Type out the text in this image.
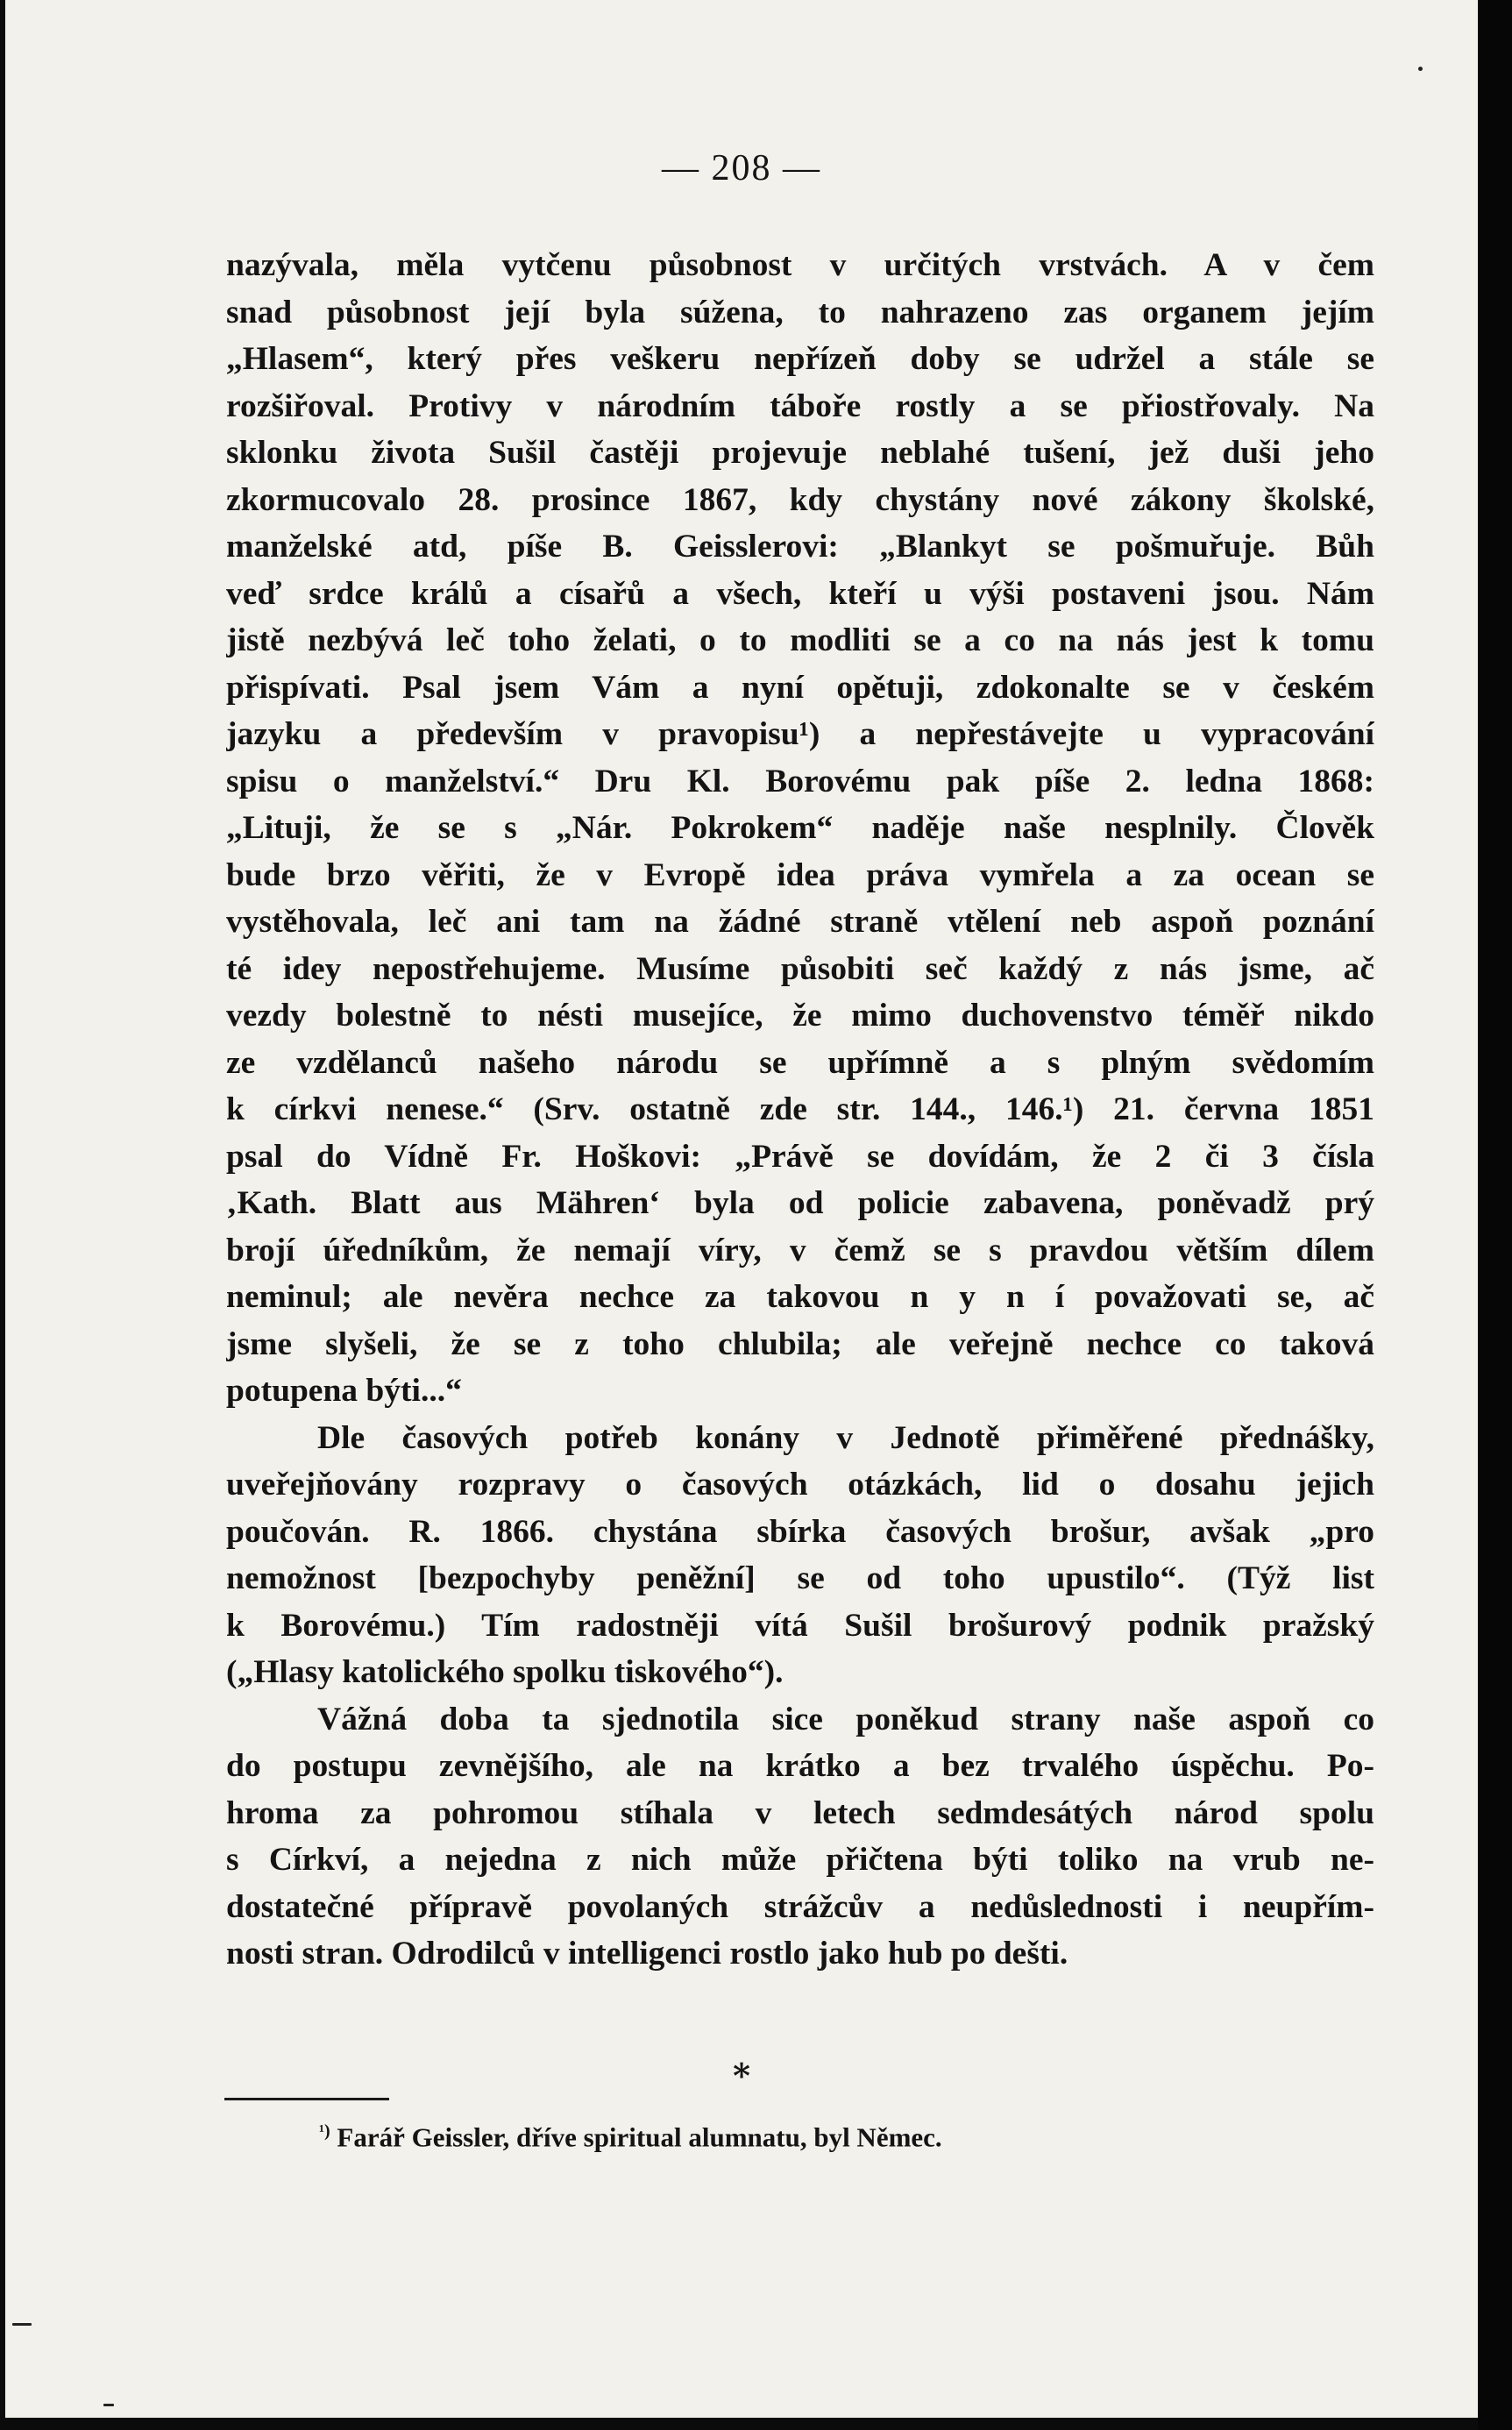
— 208 —
nazývala, měla vytčenu působnost v určitých vrstvách. A v čem
snad působnost její byla súžena, to nahrazeno zas organem jejím
„Hlasem“, který přes veškeru nepřízeň doby se udržel a stále se
rozšiřoval. Protivy v národním táboře rostly a se přiostřovaly. Na
sklonku života Sušil častěji projevuje neblahé tušení, jež duši jeho
zkormucovalo 28. prosince 1867, kdy chystány nové zákony školské,
manželské atd, píše B. Geisslerovi: „Blankyt se pošmuřuje. Bůh
veď srdce králů a císařů a všech, kteří u výši postaveni jsou. Nám
jistě nezbývá leč toho želati, o to modliti se a co na nás jest k tomu
přispívati. Psal jsem Vám a nyní opětuji, zdokonalte se v českém
jazyku a především v pravopisu¹) a nepřestávejte u vypracování
spisu o manželství.“ Dru Kl. Borovému pak píše 2. ledna 1868:
„Lituji, že se s „Nár. Pokrokem“ naděje naše nesplnily. Člověk
bude brzo věřiti, že v Evropě idea práva vymřela a za ocean se
vystěhovala, leč ani tam na žádné straně vtělení neb aspoň poznání
té idey nepostřehujeme. Musíme působiti seč každý z nás jsme, ač
vezdy bolestně to nésti musejíce, že mimo duchovenstvo téměř nikdo
ze vzdělanců našeho národu se upřímně a s plným svědomím
k církvi nenese.“ (Srv. ostatně zde str. 144., 146.¹) 21. června 1851
psal do Vídně Fr. Hoškovi: „Právě se dovídám, že 2 či 3 čísla
‚Kath. Blatt aus Mähren‘ byla od policie zabavena, poněvadž prý
brojí úředníkům, že nemají víry, v čemž se s pravdou větším dílem
neminul; ale nevěra nechce za takovou n y n í považovati se, ač
jsme slyšeli, že se z toho chlubila; ale veřejně nechce co taková
potupena býti...“
Dle časových potřeb konány v Jednotě přiměřené přednášky,
uveřejňovány rozpravy o časových otázkách, lid o dosahu jejich
poučován. R. 1866. chystána sbírka časových brošur, avšak „pro
nemožnost [bezpochyby peněžní] se od toho upustilo“. (Týž list
k Borovému.) Tím radostněji vítá Sušil brošurový podnik pražský
(„Hlasy katolického spolku tiskového“).
Vážná doba ta sjednotila sice poněkud strany naše aspoň co
do postupu zevnějšího, ale na krátko a bez trvalého úspěchu. Po-
hroma za pohromou stíhala v letech sedmdesátých národ spolu
s Církví, a nejedna z nich může přičtena býti toliko na vrub ne-
dostatečné přípravě povolaných strážcův a nedůslednosti i neupřím-
nosti stran. Odrodilců v intelligenci rostlo jako hub po dešti.
*
$^{^1)}$ Farář Geissler, dříve spiritual alumnatu, byl Němec.
